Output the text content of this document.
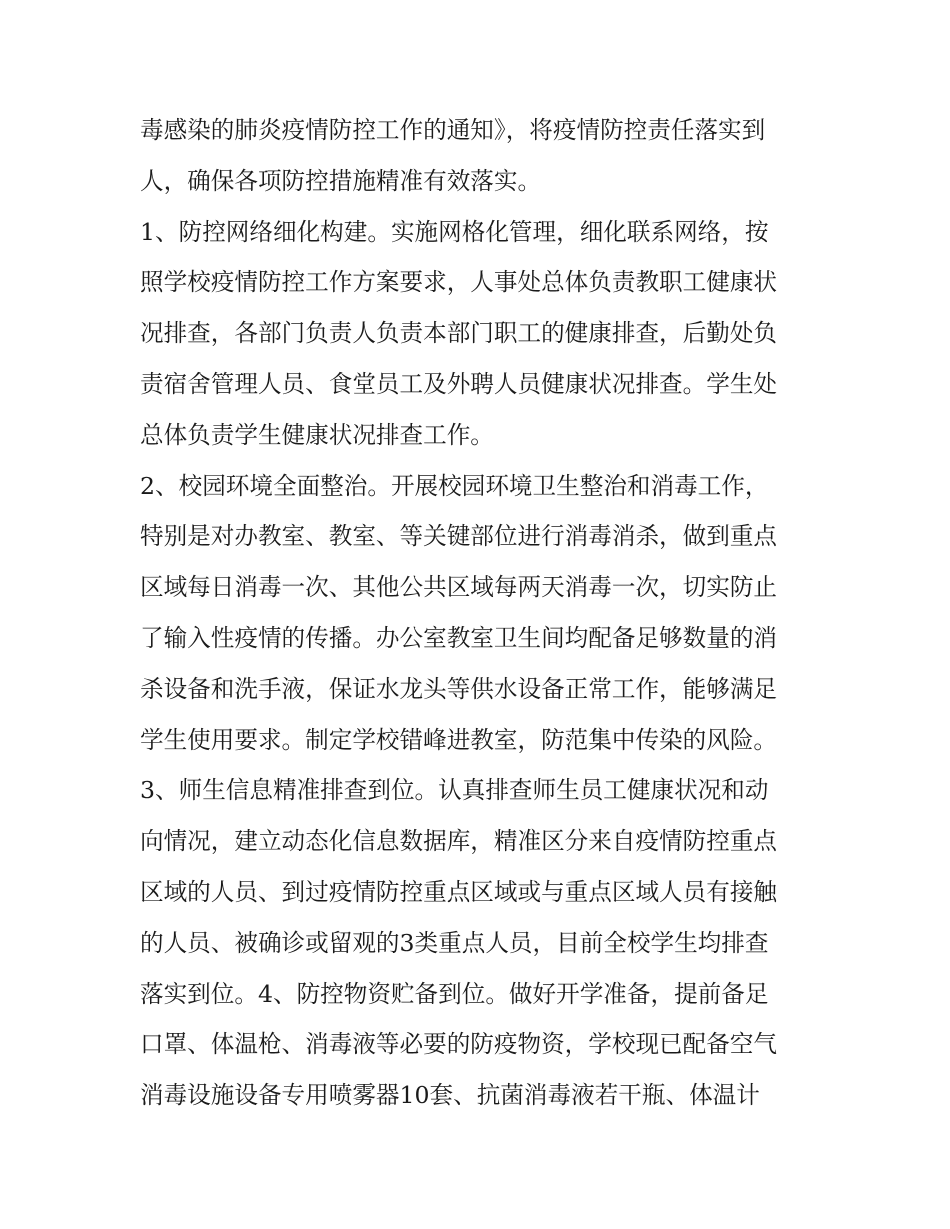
毒感染的肺炎疫情防控工作的通知》，将疫情防控责任落实到
人，确保各项防控措施精准有效落实。
1、防控网络细化构建。实施网格化管理，细化联系网络，按
照学校疫情防控工作方案要求，人事处总体负责教职工健康状
况排查，各部门负责人负责本部门职工的健康排查，后勤处负
责宿舍管理人员、食堂员工及外聘人员健康状况排查。学生处
总体负责学生健康状况排查工作。
2、校园环境全面整治。开展校园环境卫生整治和消毒工作，
特别是对办教室、教室、等关键部位进行消毒消杀，做到重点
区域每日消毒一次、其他公共区域每两天消毒一次，切实防止
了输入性疫情的传播。办公室教室卫生间均配备足够数量的消
杀设备和洗手液，保证水龙头等供水设备正常工作，能够满足
学生使用要求。制定学校错峰进教室，防范集中传染的风险。
3、师生信息精准排查到位。认真排查师生员工健康状况和动
向情况，建立动态化信息数据库，精准区分来自疫情防控重点
区域的人员、到过疫情防控重点区域或与重点区域人员有接触
的人员、被确诊或留观的3类重点人员，目前全校学生均排查
落实到位。4、防控物资贮备到位。做好开学准备，提前备足
口罩、体温枪、消毒液等必要的防疫物资，学校现已配备空气
消毒设施设备专用喷雾器10套、抗菌消毒液若干瓶、体温计
